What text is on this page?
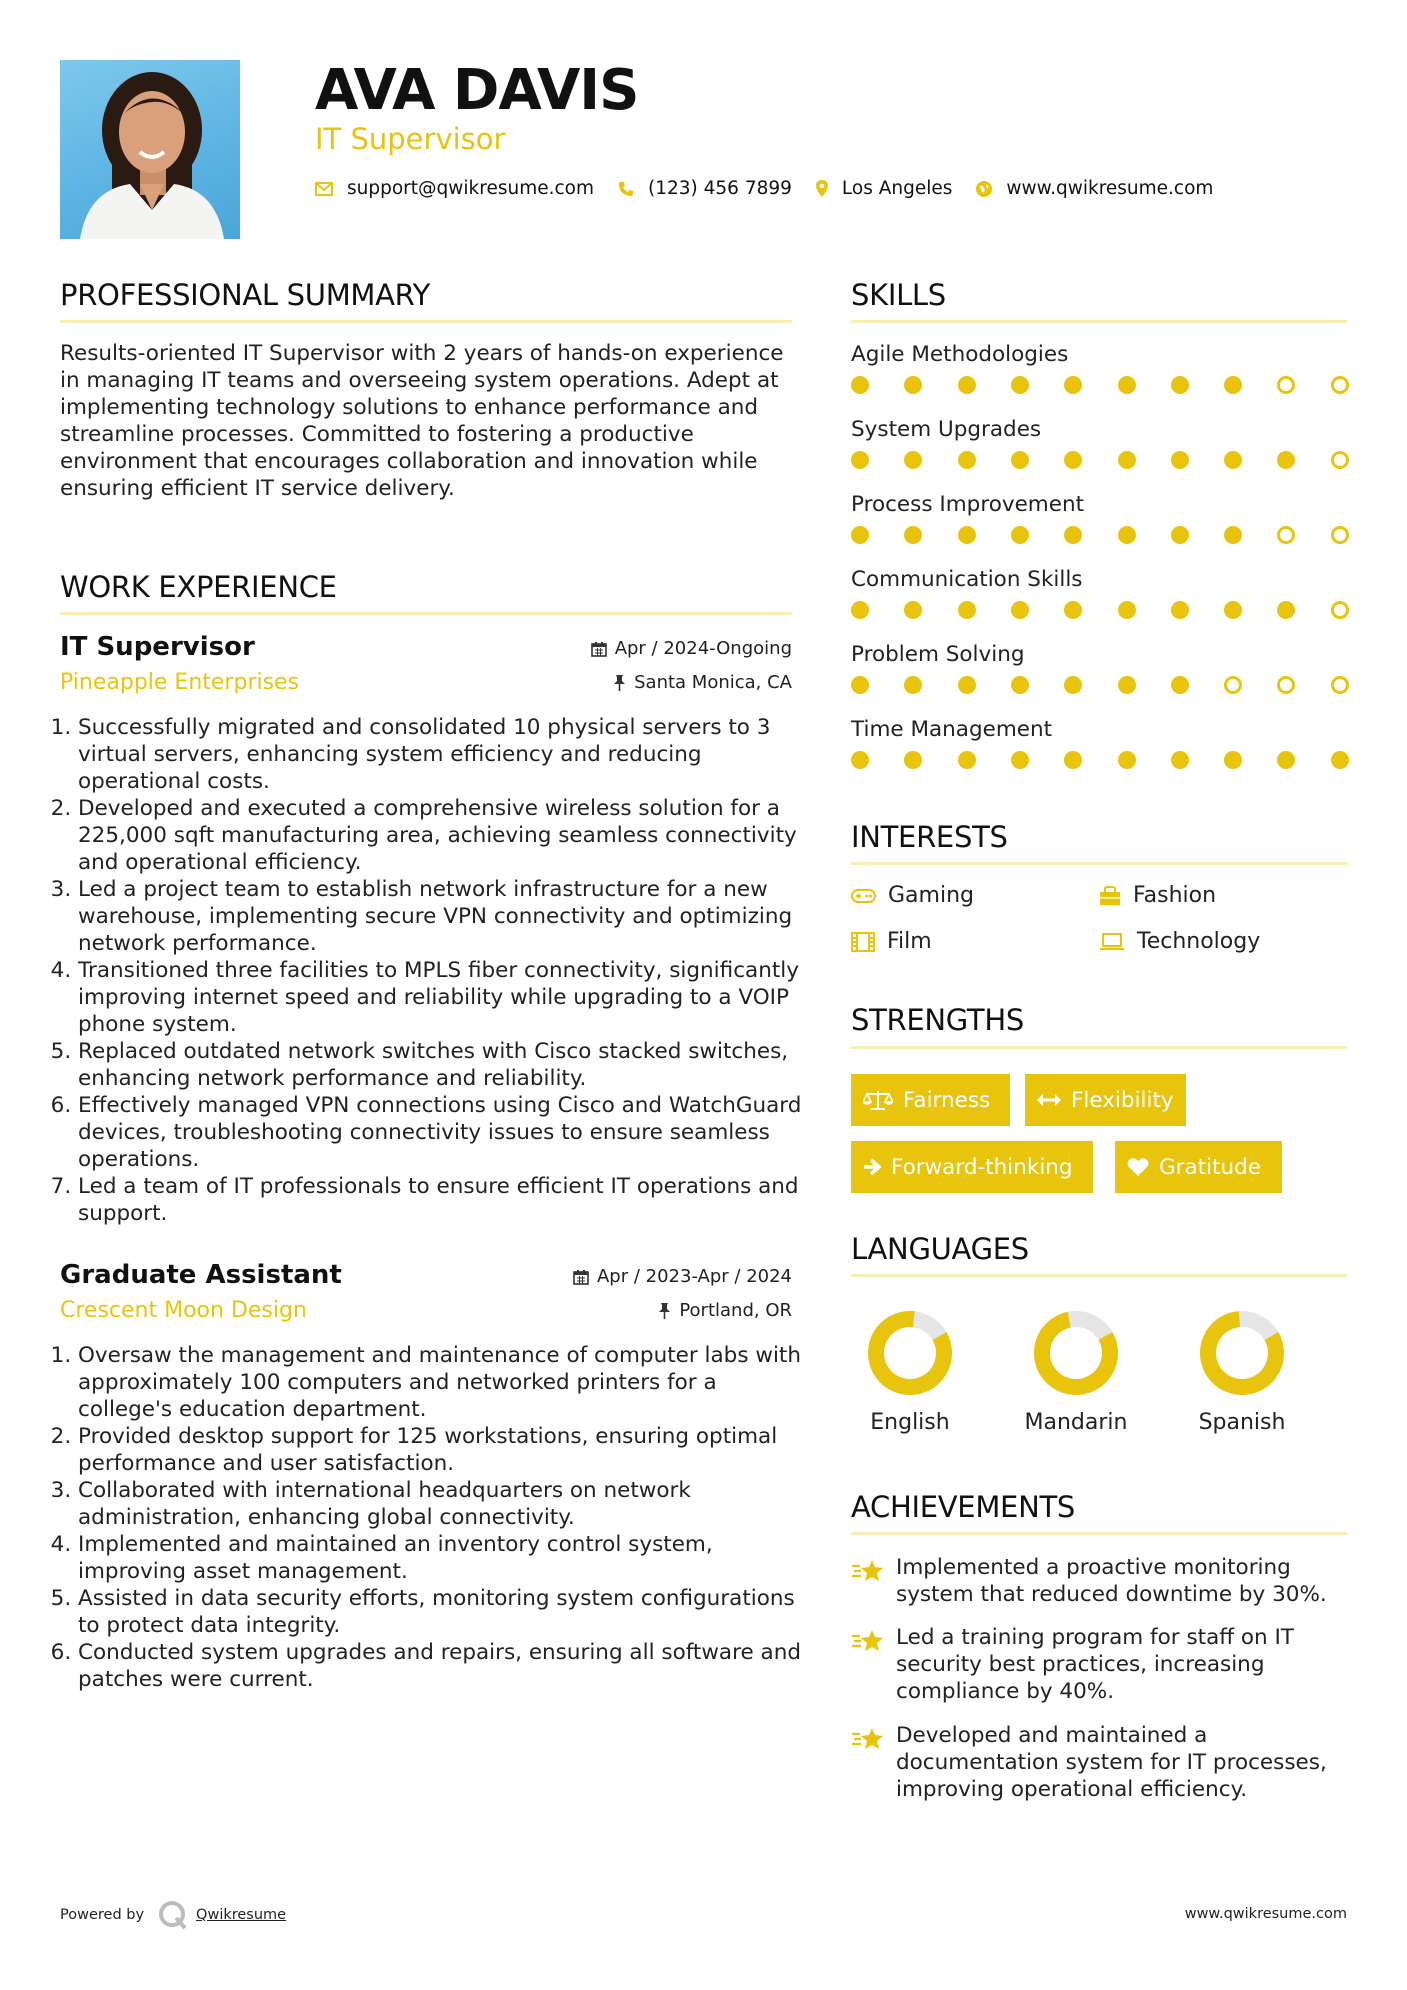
AVA DAVIS
IT Supervisor
support@qwikresume.com	(123) 456 7899	Los Angeles	www.qwikresume.com
PROFESSIONAL SUMMARY

Results-oriented IT Supervisor with 2 years of hands-on experience in managing IT teams and overseeing system operations. Adept at implementing technology solutions to enhance performance and streamline processes. Committed to fostering a productive environment that encourages collaboration and innovation while ensuring efficient IT service delivery.

WORK EXPERIENCE
IT Supervisor
Pineapple Enterprises
Apr / 2024-Ongoing
Santa Monica, CA
1. Successfully migrated and consolidated 10 physical servers to 3 virtual servers, enhancing system efficiency and reducing operational costs.
2. Developed and executed a comprehensive wireless solution for a 225,000 sqft manufacturing area, achieving seamless connectivity and operational efficiency.
3. Led a project team to establish network infrastructure for a new warehouse, implementing secure VPN connectivity and optimizing network performance.
4. Transitioned three facilities to MPLS fiber connectivity, significantly improving internet speed and reliability while upgrading to a VOIP phone system.
5. Replaced outdated network switches with Cisco stacked switches, enhancing network performance and reliability.
6. Effectively managed VPN connections using Cisco and WatchGuard devices, troubleshooting connectivity issues to ensure seamless operations.
7. Led a team of IT professionals to ensure efficient IT operations and support.
Graduate Assistant
Crescent Moon Design
Apr / 2023-Apr / 2024
Portland, OR
1. Oversaw the management and maintenance of computer labs with approximately 100 computers and networked printers for a college's education department.
2. Provided desktop support for 125 workstations, ensuring optimal performance and user satisfaction.
3. Collaborated with international headquarters on network administration, enhancing global connectivity.
4. Implemented and maintained an inventory control system, improving asset management.
5. Assisted in data security efforts, monitoring system configurations to protect data integrity.
6. Conducted system upgrades and repairs, ensuring all software and patches were current.
SKILLS
Agile Methodologies
System Upgrades
Process Improvement
Communication Skills
Problem Solving
Time Management
INTERESTS
Gaming	Fashion
Film	Technology
STRENGTHS
Fairness	Flexibility
Forward-thinking	Gratitude
LANGUAGES
English	Mandarin	Spanish
ACHIEVEMENTS
Implemented a proactive monitoring system that reduced downtime by 30%.
Led a training program for staff on IT security best practices, increasing compliance by 40%.
Developed and maintained a documentation system for IT processes, improving operational efficiency.
Powered by	Qwikresume	www.qwikresume.com
